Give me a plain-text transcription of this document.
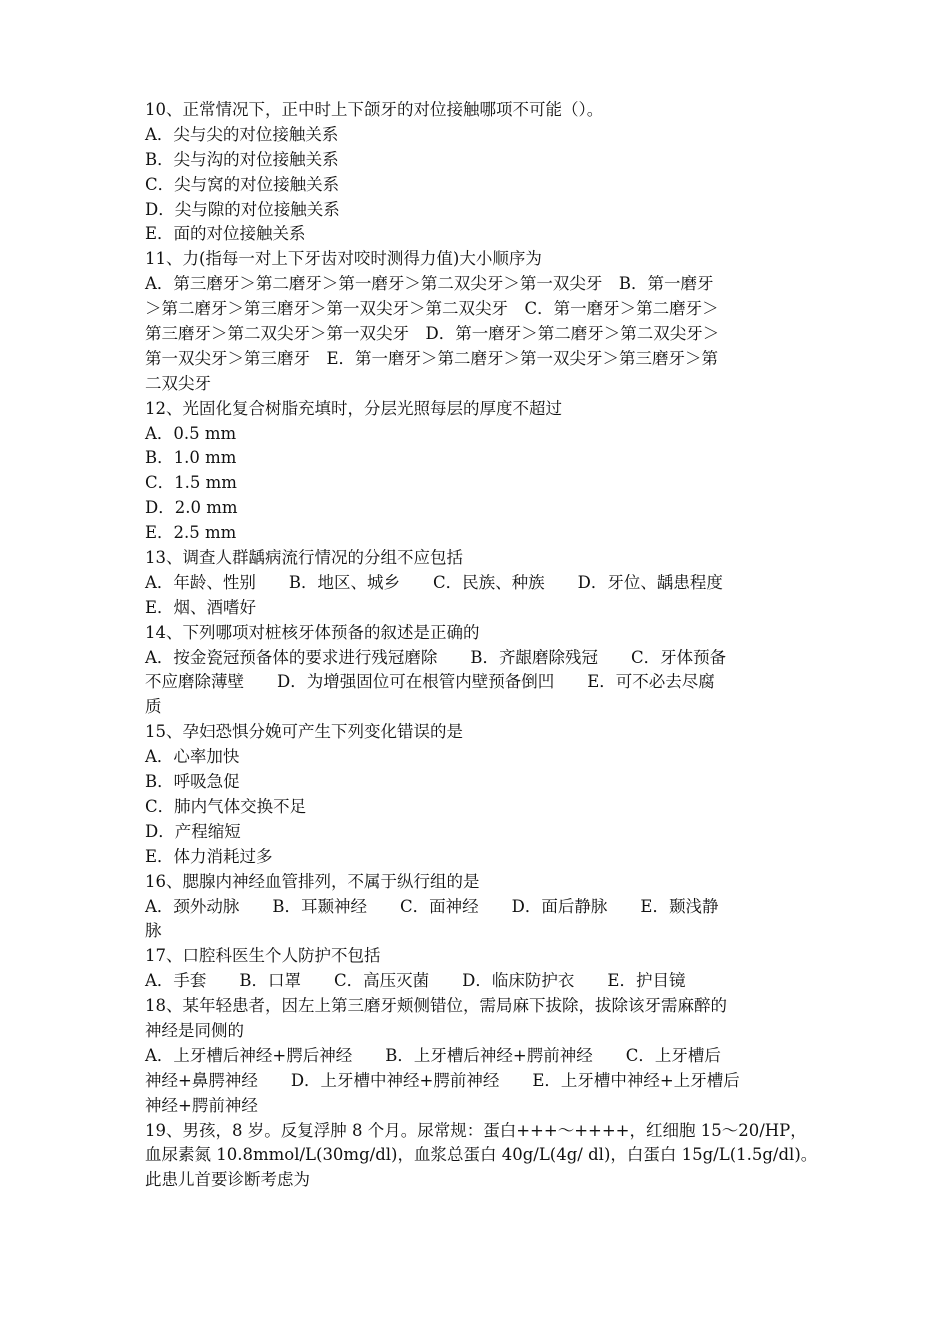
10、正常情况下，正中时上下颌牙的对位接触哪项不可能（）。
A．尖与尖的对位接触关系
B．尖与沟的对位接触关系
C．尖与窝的对位接触关系
D．尖与隙的对位接触关系
E．面的对位接触关系
11、力(指每一对上下牙齿对咬时测得力值)大小顺序为
A．第三磨牙＞第二磨牙＞第一磨牙＞第二双尖牙＞第一双尖牙　B．第一磨牙
＞第二磨牙＞第三磨牙＞第一双尖牙＞第二双尖牙　C．第一磨牙＞第二磨牙＞
第三磨牙＞第二双尖牙＞第一双尖牙　D．第一磨牙＞第二磨牙＞第二双尖牙＞
第一双尖牙＞第三磨牙　E．第一磨牙＞第二磨牙＞第一双尖牙＞第三磨牙＞第
二双尖牙
12、光固化复合树脂充填时，分层光照每层的厚度不超过
A．0.5 mm
B．1.0 mm
C．1.5 mm
D．2.0 mm
E．2.5 mm
13、调查人群龋病流行情况的分组不应包括
A．年龄、性别　　B．地区、城乡　　C．民族、种族　　D．牙位、龋患程度
E．烟、酒嗜好
14、下列哪项对桩核牙体预备的叙述是正确的
A．按金瓷冠预备体的要求进行残冠磨除　　B．齐龈磨除残冠　　C．牙体预备
不应磨除薄壁　　D．为增强固位可在根管内壁预备倒凹　　E．可不必去尽腐
质
15、孕妇恐惧分娩可产生下列变化错误的是
A．心率加快
B．呼吸急促
C．肺内气体交换不足
D．产程缩短
E．体力消耗过多
16、腮腺内神经血管排列，不属于纵行组的是
A．颈外动脉　　B．耳颞神经　　C．面神经　　D．面后静脉　　E．颞浅静
脉
17、口腔科医生个人防护不包括
A．手套　　B．口罩　　C．高压灭菌　　D．临床防护衣　　E．护目镜
18、某年轻患者，因左上第三磨牙颊侧错位，需局麻下拔除，拔除该牙需麻醉的
神经是同侧的
A．上牙槽后神经+腭后神经　　B．上牙槽后神经+腭前神经　　C．上牙槽后
神经+鼻腭神经　　D．上牙槽中神经+腭前神经　　E．上牙槽中神经+上牙槽后
神经+腭前神经
19、男孩，8 岁。反复浮肿 8 个月。尿常规：蛋白+++～++++，红细胞 15～20/HP，
血尿素氮 10.8mmol/L(30mg/dl)，血浆总蛋白 40g/L(4g/ dl)，白蛋白 15g/L(1.5g/dl)。
此患儿首要诊断考虑为
